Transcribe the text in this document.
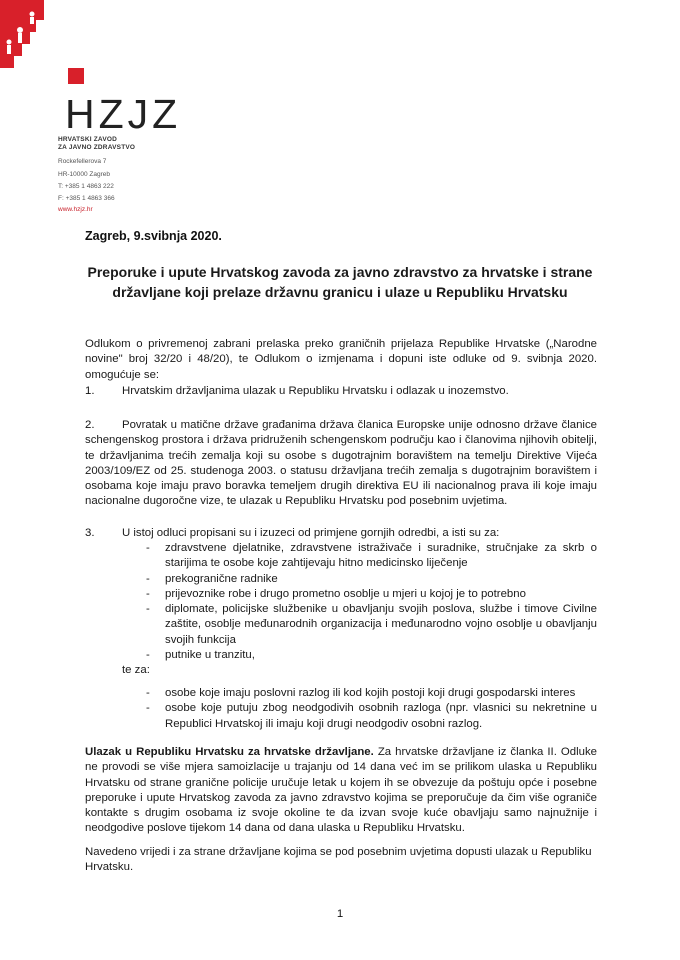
HZJZ
HRVATSKI ZAVOD
ZA JAVNO ZDRAVSTVO
Rockefellerova 7
HR-10000 Zagreb
T: +385 1 4863 222
F: +385 1 4863 366
www.hzjz.hr
Zagreb, 9.svibnja 2020.
Preporuke i upute Hrvatskog zavoda za javno zdravstvo za hrvatske i strane državljane koji prelaze državnu granicu i ulaze u Republiku Hrvatsku
Odlukom o privremenoj zabrani prelaska preko graničnih prijelaza Republike Hrvatske („Narodne novine" broj 32/20 i 48/20), te Odlukom o izmjenama i dopuni iste odluke od 9. svibnja 2020. omogućuje se:
1. Hrvatskim državljanima ulazak u Republiku Hrvatsku i odlazak u inozemstvo.
2.	Povratak u matične države građanima država članica Europske unije odnosno države članice schengenskog prostora i država pridruženih schengenskom području kao i članovima njihovih obitelji, te državljanima trećih zemalja koji su osobe s dugotrajnim boravištem na temelju Direktive Vijeća 2003/109/EZ od 25. studenoga 2003. o statusu državljana trećih zemalja s dugotrajnim boravištem i osobama koje imaju pravo boravka temeljem drugih direktiva EU ili nacionalnog prava ili koje imaju nacionalne dugoročne vize, te ulazak u Republiku Hrvatsku pod posebnim uvjetima.
3. U istoj odluci propisani su i izuzeci od primjene gornjih odredbi, a isti su za:
- zdravstvene djelatnike, zdravstvene istraživače i suradnike, stručnjake za skrb o starijima te osobe koje zahtijevaju hitno medicinsko liječenje
- prekogranične radnike
- prijevoznike robe i drugo prometno osoblje u mjeri u kojoj je to potrebno
- diplomate, policijske službenike u obavljanju svojih poslova, službe i timove Civilne zaštite, osoblje međunarodnih organizacija i međunarodno vojno osoblje u obavljanju svojih funkcija
- putnike u tranzitu,
te za:
- osobe koje imaju poslovni razlog ili kod kojih postoji koji drugi gospodarski interes
- osobe koje putuju zbog neodgodivih osobnih razloga (npr. vlasnici su nekretnine u Republici Hrvatskoj ili imaju koji drugi neodgodiv osobni razlog.
Ulazak u Republiku Hrvatsku za hrvatske državljane. Za hrvatske državljane iz članka II. Odluke ne provodi se više mjera samoizlacije u trajanju od 14 dana već im se prilikom ulaska u Republiku Hrvatsku od strane granične policije uručuje letak u kojem ih se obvezuje da poštuju opće i posebne preporuke i upute Hrvatskog zavoda za javno zdravstvo kojima se preporučuje da čim više ograniče kontakte s drugim osobama iz svoje okoline te da izvan svoje kuće obavljaju samo najnužnije i neodgodive poslove tijekom 14 dana od dana ulaska u Republiku Hrvatsku.
Navedeno vrijedi i za strane državljane kojima se pod posebnim uvjetima dopusti ulazak u Republiku Hrvatsku.
1
